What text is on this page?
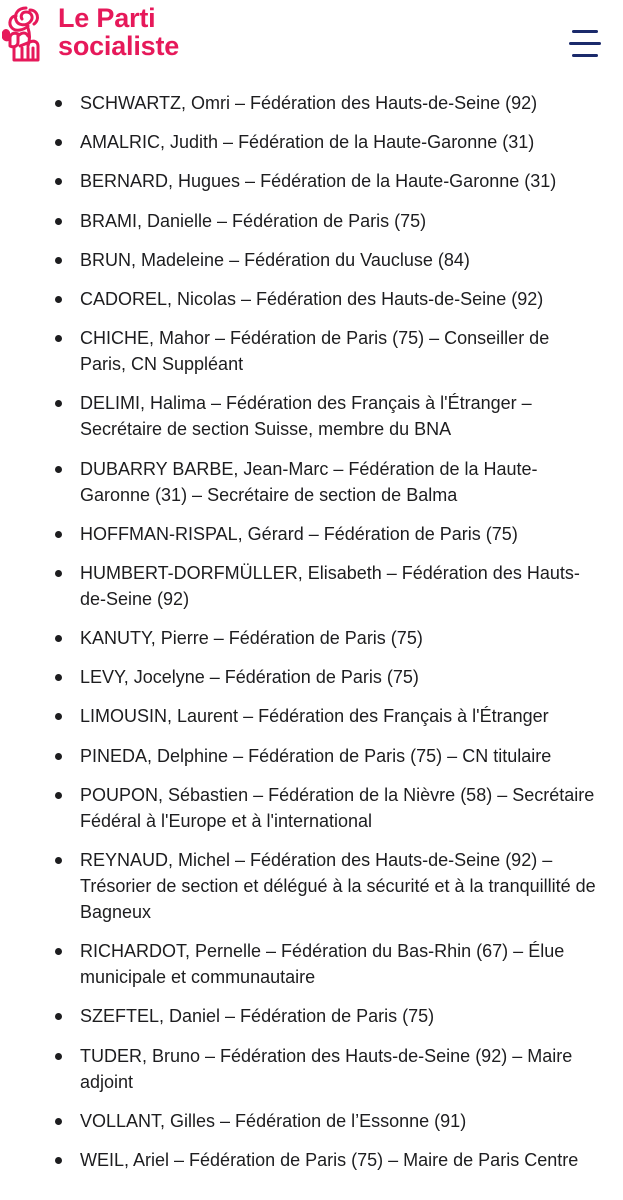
Le Parti
socialiste
SCHWARTZ, Omri – Fédération des Hauts-de-Seine (92)
AMALRIC, Judith – Fédération de la Haute-Garonne (31)
BERNARD, Hugues – Fédération de la Haute-Garonne (31)
BRAMI, Danielle – Fédération de Paris (75)
BRUN, Madeleine – Fédération du Vaucluse (84)
CADOREL, Nicolas – Fédération des Hauts-de-Seine (92)
CHICHE, Mahor – Fédération de Paris (75) – Conseiller de Paris, CN Suppléant
DELIMI, Halima – Fédération des Français à l'Étranger – Secrétaire de section Suisse, membre du BNA
DUBARRY BARBE, Jean-Marc – Fédération de la Haute-Garonne (31) – Secrétaire de section de Balma
HOFFMAN-RISPAL, Gérard – Fédération de Paris (75)
HUMBERT-DORFMÜLLER, Elisabeth – Fédération des Hauts-de-Seine (92)
KANUTY, Pierre – Fédération de Paris (75)
LEVY, Jocelyne – Fédération de Paris (75)
LIMOUSIN, Laurent – Fédération des Français à l'Étranger
PINEDA, Delphine – Fédération de Paris (75) – CN titulaire
POUPON, Sébastien – Fédération de la Nièvre (58) – Secrétaire Fédéral à l'Europe et à l'international
REYNAUD, Michel – Fédération des Hauts-de-Seine (92) – Trésorier de section et délégué à la sécurité et à la tranquillité de Bagneux
RICHARDOT, Pernelle – Fédération du Bas-Rhin (67) – Élue municipale et communautaire
SZEFTEL, Daniel – Fédération de Paris (75)
TUDER, Bruno – Fédération des Hauts-de-Seine (92) – Maire adjoint
VOLLANT, Gilles – Fédération de l’Essonne (91)
WEIL, Ariel – Fédération de Paris (75) – Maire de Paris Centre
